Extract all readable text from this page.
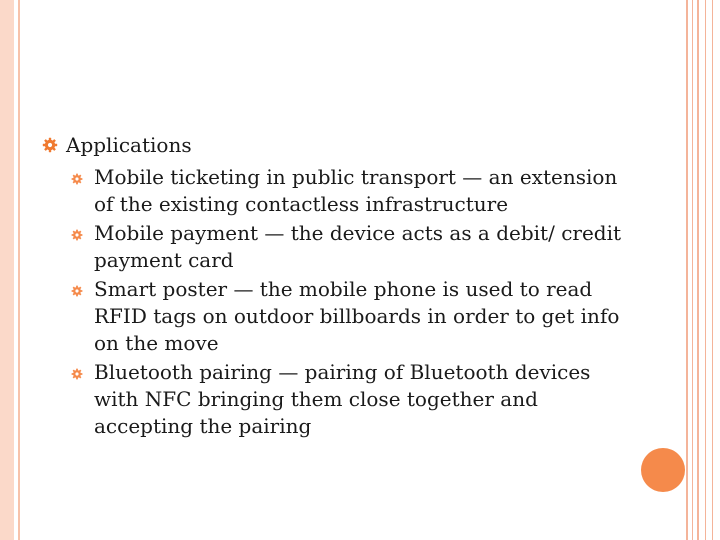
Applications
Mobile ticketing in public transport — an extension of the existing contactless infrastructure
Mobile payment — the device acts as a debit/ credit payment card
Smart poster — the mobile phone is used to read RFID tags on outdoor billboards in order to get info on the move
Bluetooth pairing — pairing of Bluetooth devices with NFC bringing them close together and accepting the pairing
